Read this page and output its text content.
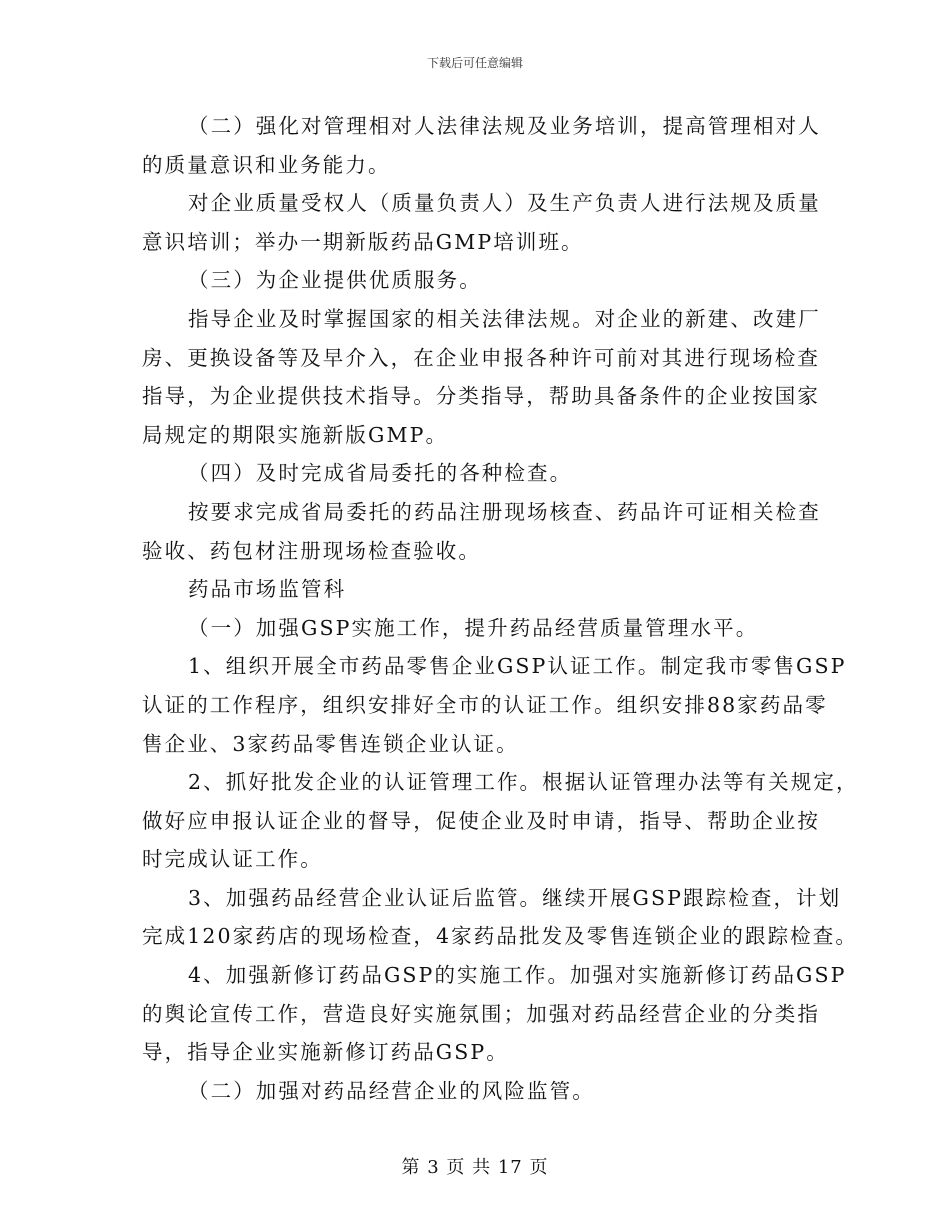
下载后可任意编辑
（二）强化对管理相对人法律法规及业务培训，提高管理相对人
的质量意识和业务能力。
对企业质量受权人（质量负责人）及生产负责人进行法规及质量
意识培训；举办一期新版药品GMP培训班。
（三）为企业提供优质服务。
指导企业及时掌握国家的相关法律法规。对企业的新建、改建厂
房、更换设备等及早介入，在企业申报各种许可前对其进行现场检查
指导，为企业提供技术指导。分类指导，帮助具备条件的企业按国家
局规定的期限实施新版GMP。
（四）及时完成省局委托的各种检查。
按要求完成省局委托的药品注册现场核查、药品许可证相关检查
验收、药包材注册现场检查验收。
药品市场监管科
（一）加强GSP实施工作，提升药品经营质量管理水平。
1、组织开展全市药品零售企业GSP认证工作。制定我市零售GSP
认证的工作程序，组织安排好全市的认证工作。组织安排88家药品零
售企业、3家药品零售连锁企业认证。
2、抓好批发企业的认证管理工作。根据认证管理办法等有关规定，
做好应申报认证企业的督导，促使企业及时申请，指导、帮助企业按
时完成认证工作。
3、加强药品经营企业认证后监管。继续开展GSP跟踪检查，计划
完成120家药店的现场检查，4家药品批发及零售连锁企业的跟踪检查。
4、加强新修订药品GSP的实施工作。加强对实施新修订药品GSP
的舆论宣传工作，营造良好实施氛围；加强对药品经营企业的分类指
导，指导企业实施新修订药品GSP。
（二）加强对药品经营企业的风险监管。
第 3 页 共 17 页
